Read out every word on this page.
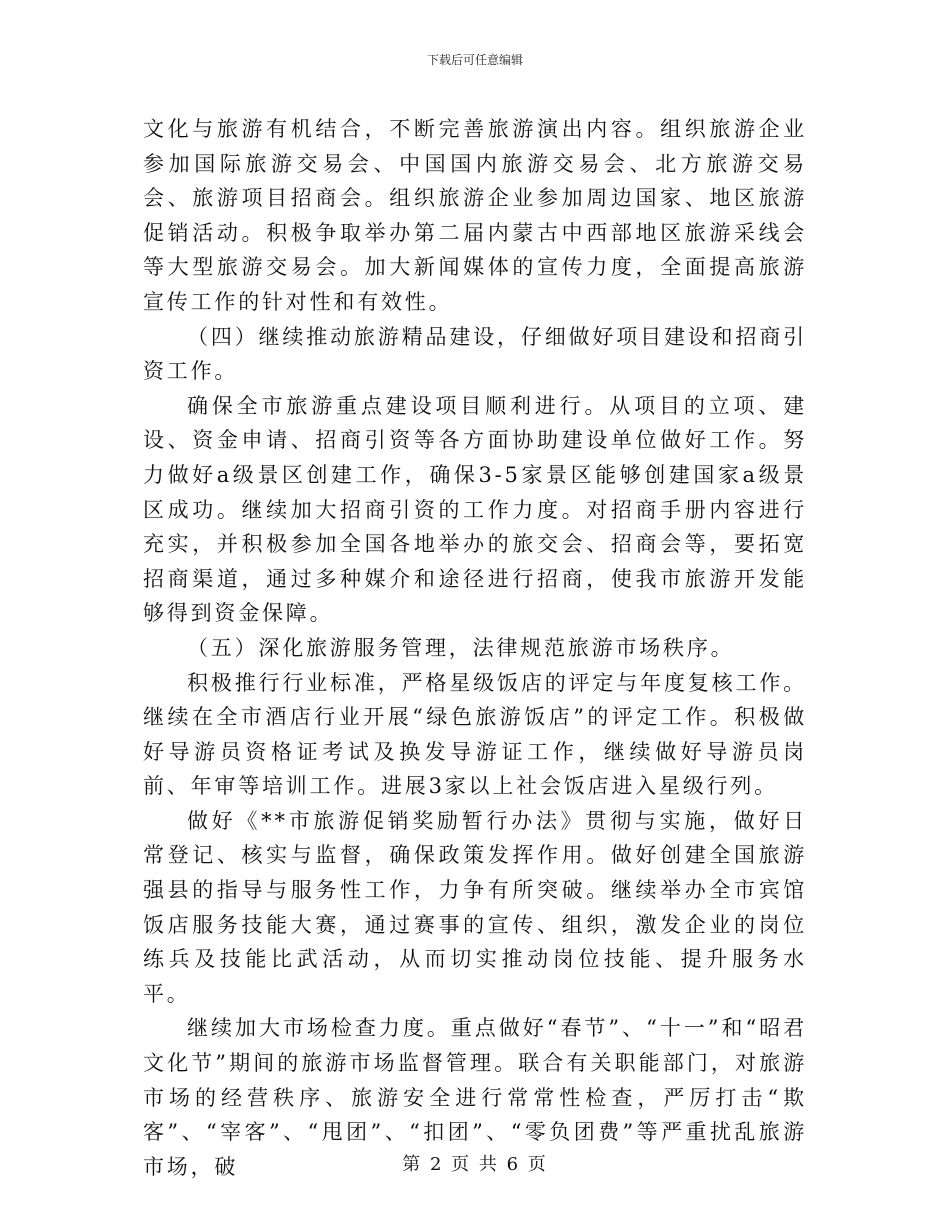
下载后可任意编辑

文化与旅游有机结合，不断完善旅游演出内容。组织旅游企业参加国际旅游交易会、中国国内旅游交易会、北方旅游交易会、旅游项目招商会。组织旅游企业参加周边国家、地区旅游促销活动。积极争取举办第二届内蒙古中西部地区旅游采线会等大型旅游交易会。加大新闻媒体的宣传力度，全面提高旅游宣传工作的针对性和有效性。

（四）继续推动旅游精品建设，仔细做好项目建设和招商引资工作。

确保全市旅游重点建设项目顺利进行。从项目的立项、建设、资金申请、招商引资等各方面协助建设单位做好工作。努力做好a级景区创建工作，确保3-5家景区能够创建国家a级景区成功。继续加大招商引资的工作力度。对招商手册内容进行充实，并积极参加全国各地举办的旅交会、招商会等，要拓宽招商渠道，通过多种媒介和途径进行招商，使我市旅游开发能够得到资金保障。

（五）深化旅游服务管理，法律规范旅游市场秩序。

积极推行行业标准，严格星级饭店的评定与年度复核工作。继续在全市酒店行业开展“绿色旅游饭店”的评定工作。积极做好导游员资格证考试及换发导游证工作，继续做好导游员岗前、年审等培训工作。进展3家以上社会饭店进入星级行列。

做好《**市旅游促销奖励暂行办法》贯彻与实施，做好日常登记、核实与监督，确保政策发挥作用。做好创建全国旅游强县的指导与服务性工作，力争有所突破。继续举办全市宾馆饭店服务技能大赛，通过赛事的宣传、组织，激发企业的岗位练兵及技能比武活动，从而切实推动岗位技能、提升服务水平。

继续加大市场检查力度。重点做好“春节”、“十一”和“昭君文化节”期间的旅游市场监督管理。联合有关职能部门，对旅游市场的经营秩序、旅游安全进行常常性检查，严厉打击“欺客”、“宰客”、“甩团”、“扣团”、“零负团费”等严重扰乱旅游市场，破	第 2 页 共 6 页
